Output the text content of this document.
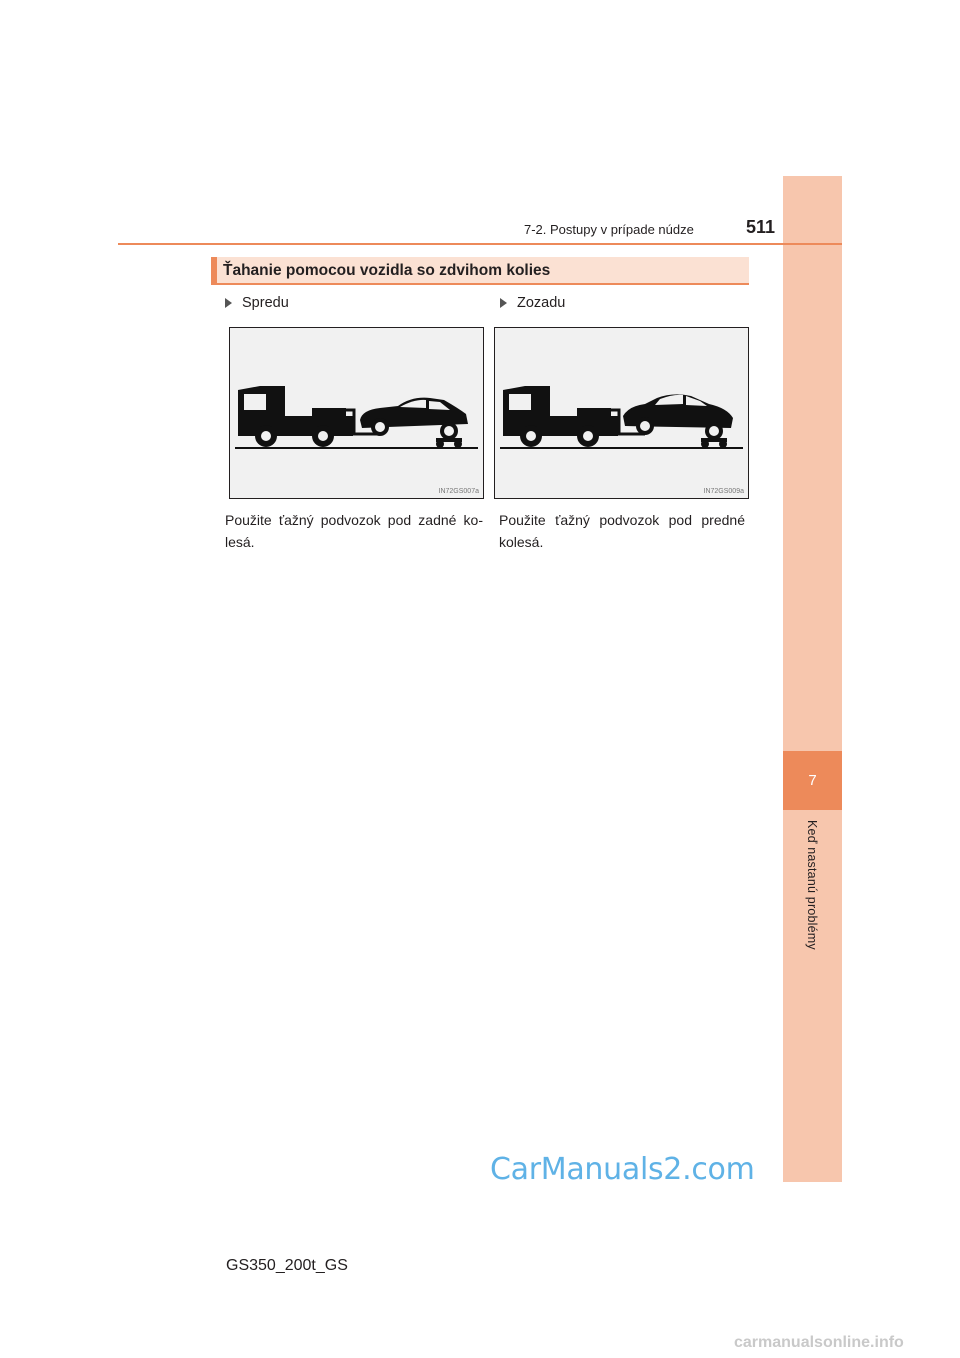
7
Keď nastanú problémy
7-2. Postupy v prípade núdze	511
Ťahanie pomocou vozidla so zdvihom kolies
Spredu
IN72GS007a
Použite ťažný podvozok pod zadné ko-lesá.
Zozadu
IN72GS009a
Použite ťažný podvozok pod predné kolesá.
GS350_200t_GS
CarManuals2.com
carmanualsonline.info
